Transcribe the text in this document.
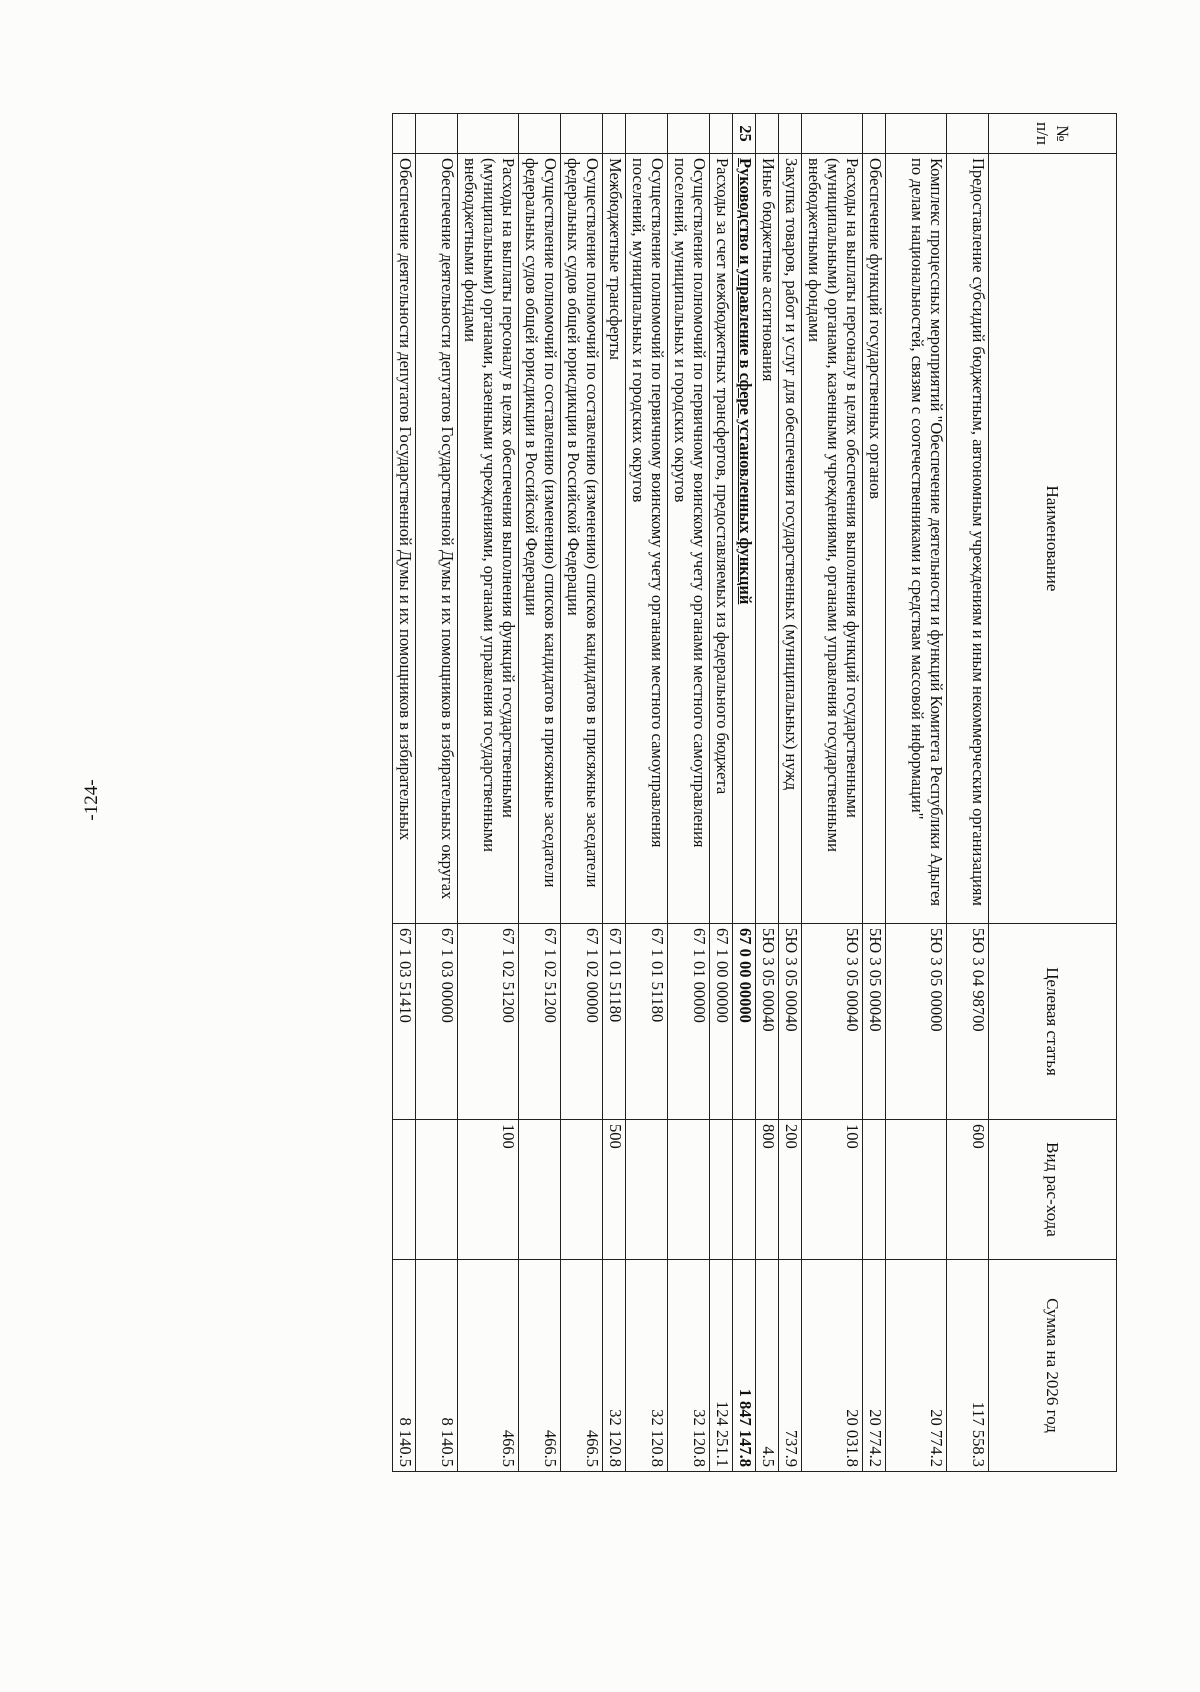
-124-
№ п/п	Наименование	Целевая статья	Вид рас-хода	Сумма на 2026 год
	Предоставление субсидий бюджетным, автономным учреждениям и иным некоммерческим организациям	5Ю 3 04 98700	600	117 558.3
	Комплекс процессных мероприятий "Обеспечение деятельности и функций Комитета Республики Адыгея по делам национальностей, связям с соотечественниками и средствам массовой информации"	5Ю 3 05 00000		20 774.2
	Обеспечение функций государственных органов	5Ю 3 05 00040		20 774.2
	Расходы на выплаты персоналу в целях обеспечения выполнения функций государственными (муниципальными) органами, казенными учреждениями, органами управления государственными внебюджетными фондами	5Ю 3 05 00040	100	20 031.8
	Закупка товаров, работ и услуг для обеспечения государственных (муниципальных) нужд	5Ю 3 05 00040	200	737.9
	Иные бюджетные ассигнования	5Ю 3 05 00040	800	4.5
25	Руководство и управление в сфере установленных функций	67 0 00 00000		1 847 147.8
	Расходы за счет межбюджетных трансфертов, предоставляемых из федерального бюджета	67 1 00 00000		124 251.1
	Осуществление полномочий по первичному воинскому учету органами местного самоуправления поселений, муниципальных и городских округов	67 1 01 00000		32 120.8
	Осуществление полномочий по первичному воинскому учету органами местного самоуправления поселений, муниципальных и городских округов	67 1 01 51180		32 120.8
	Межбюджетные трансферты	67 1 01 51180	500	32 120.8
	Осуществление полномочий по составлению (изменению) списков кандидатов в присяжные заседатели федеральных судов общей юрисдикции в Российской Федерации	67 1 02 00000		466.5
	Осуществление полномочий по составлению (изменению) списков кандидатов в присяжные заседатели федеральных судов общей юрисдикции в Российской Федерации	67 1 02 51200		466.5
	Расходы на выплаты персоналу в целях обеспечения выполнения функций государственными (муниципальными) органами, казенными учреждениями, органами управления государственными внебюджетными фондами	67 1 02 51200	100	466.5
	Обеспечение деятельности депутатов Государственной Думы и их помощников в избирательных округах	67 1 03 00000		8 140.5
	Обеспечение деятельности депутатов Государственной Думы и их помощников в избирательных	67 1 03 51410		8 140.5
